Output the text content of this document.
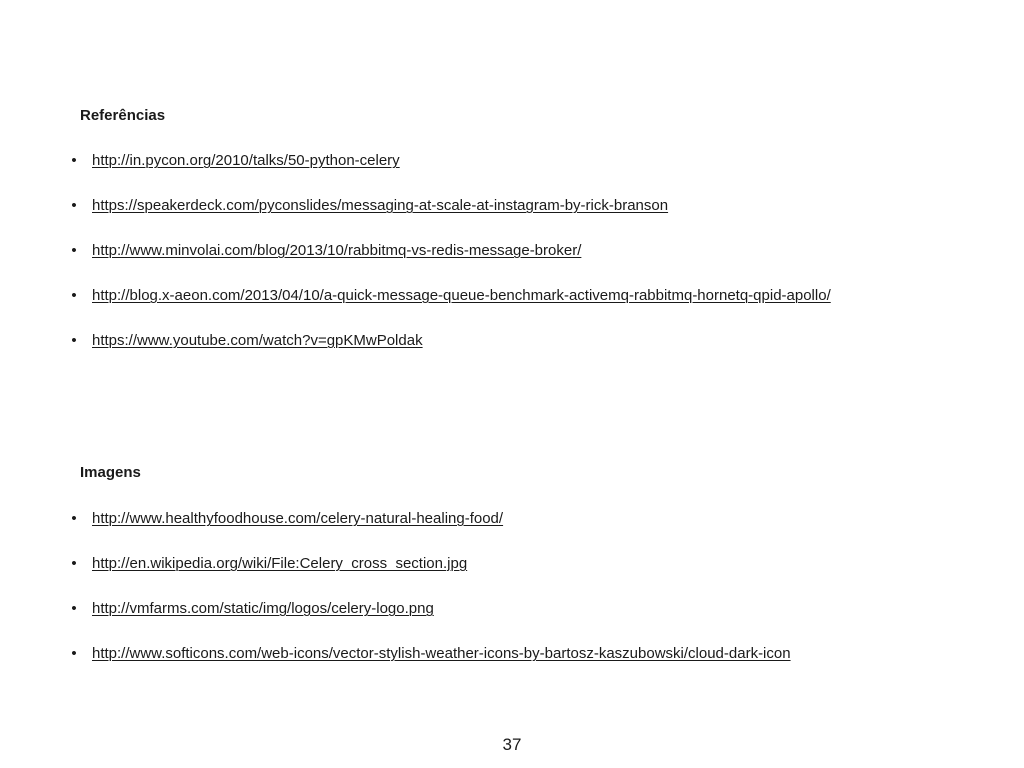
Referências
•	http://in.pycon.org/2010/talks/50-python-celery
•	https://speakerdeck.com/pyconslides/messaging-at-scale-at-instagram-by-rick-branson
•	http://www.minvolai.com/blog/2013/10/rabbitmq-vs-redis-message-broker/
•	http://blog.x-aeon.com/2013/04/10/a-quick-message-queue-benchmark-activemq-rabbitmq-hornetq-qpid-apollo/
•	https://www.youtube.com/watch?v=gpKMwPoldak
Imagens
•	http://www.healthyfoodhouse.com/celery-natural-healing-food/
•	http://en.wikipedia.org/wiki/File:Celery_cross_section.jpg
•	http://vmfarms.com/static/img/logos/celery-logo.png
•	http://www.softicons.com/web-icons/vector-stylish-weather-icons-by-bartosz-kaszubowski/cloud-dark-icon

37
